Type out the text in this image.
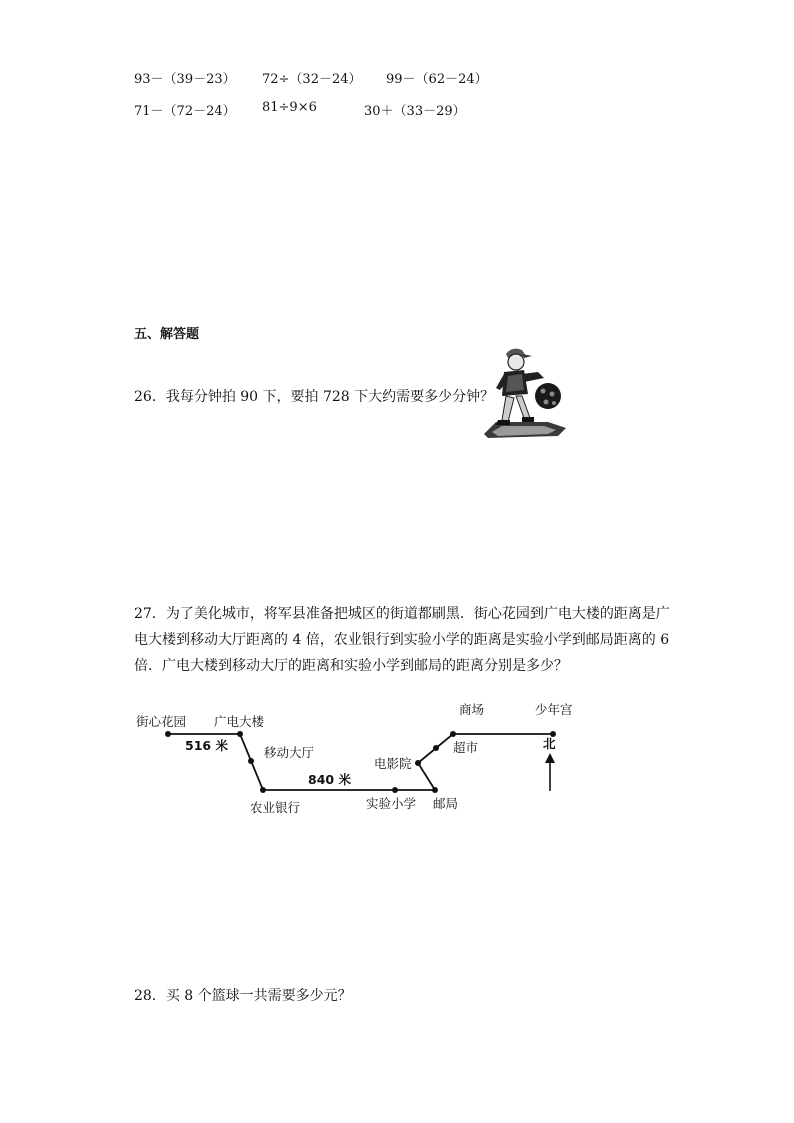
93－（39－23） 72÷（32－24） 99－（62－24）
71－（72－24） 81÷9×6	30＋（33－29）
五、解答题
26．我每分钟拍 90 下，要拍 728 下大约需要多少分钟？
27．为了美化城市，将军县准备把城区的街道都刷黑．街心花园到广电大楼的距离是广
电大楼到移动大厅距离的 4 倍，农业银行到实验小学的距离是实验小学到邮局距离的 6
倍．广电大楼到移动大厅的距离和实验小学到邮局的距离分别是多少？
街心花园 广电大楼
516 米	移动大厅
840 米
农业银行	实验小学 邮局
电影院
超市
商场	少年宫
北
28．买 8 个篮球一共需要多少元？
